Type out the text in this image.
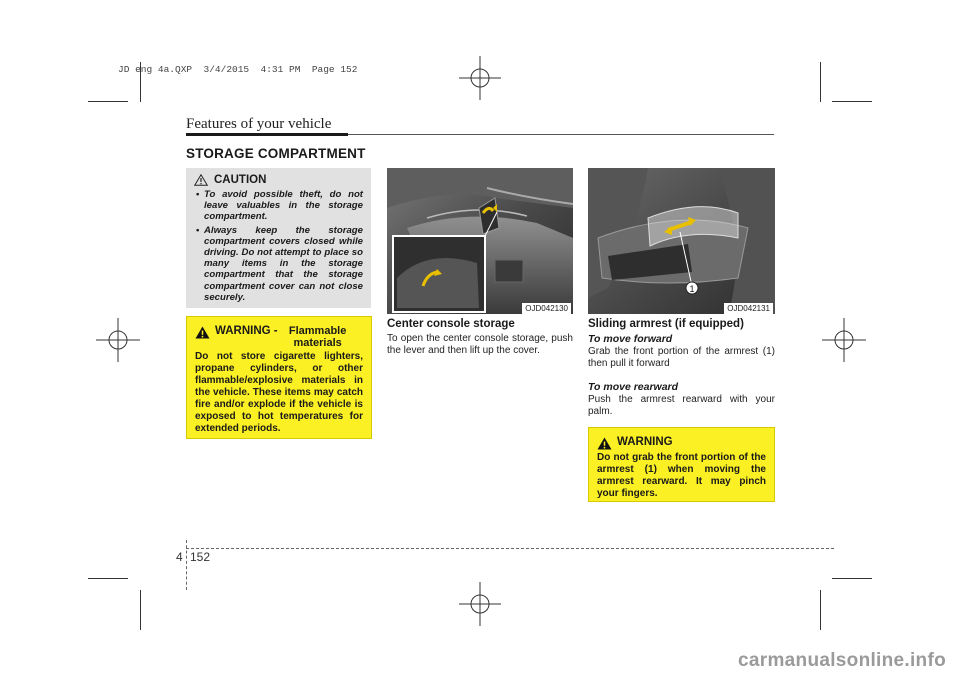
JD eng 4a.QXP  3/4/2015  4:31 PM  Page 152
Features of your vehicle
STORAGE COMPARTMENT
CAUTION
• To avoid possible theft, do not leave valuables in the storage compartment.
• Always keep the storage compartment covers closed while driving. Do not attempt to place so many items in the storage compartment that the storage compartment cover can not close securely.
WARNING -	Flammable materials
Do not store cigarette lighters, propane cylinders, or other flammable/explosive materials in the vehicle. These items may catch fire and/or explode if the vehicle is exposed to hot temperatures for extended periods.
OJD042130
1
OJD042131
Center console storage
To open the center console storage, push the lever and then lift up the cover.
Sliding armrest (if equipped)
To move forward
Grab the front portion of the armrest (1) then pull it forward
To move rearward
Push the armrest rearward with your palm.
WARNING
Do not grab the front portion of the armrest (1) when moving the armrest rearward. It may pinch your fingers.
4 152
carmanualsonline.info
